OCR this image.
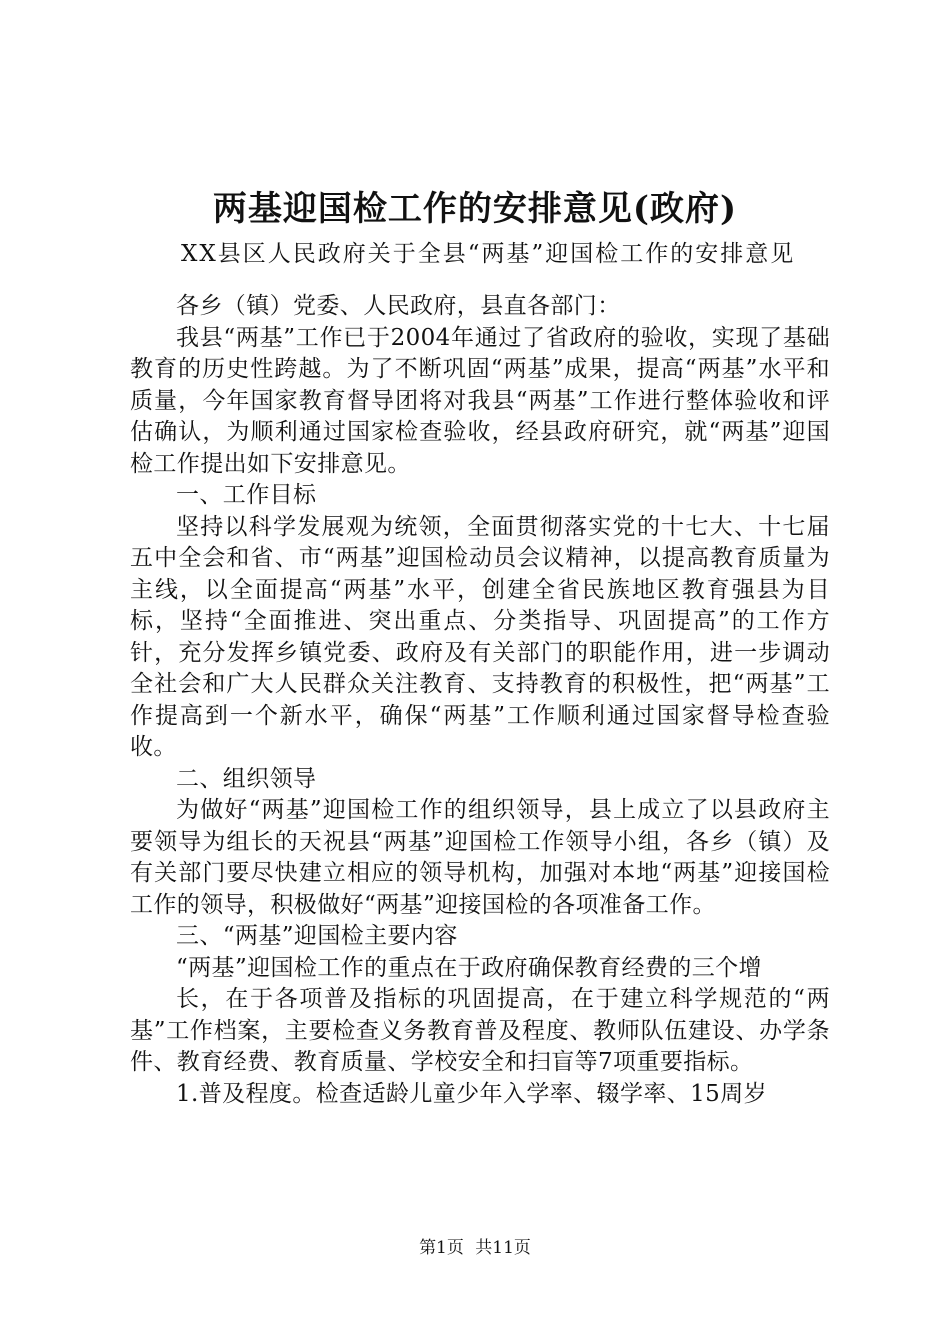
两基迎国检工作的安排意见(政府)
XX县区人民政府关于全县“两基”迎国检工作的安排意见

各乡（镇）党委、人民政府，县直各部门：

我县“两基”工作已于2004年通过了省政府的验收，实现了基础教育的历史性跨越。为了不断巩固“两基”成果，提高“两基”水平和质量，今年国家教育督导团将对我县“两基”工作进行整体验收和评估确认，为顺利通过国家检查验收，经县政府研究，就“两基”迎国检工作提出如下安排意见。

一、工作目标

坚持以科学发展观为统领，全面贯彻落实党的十七大、十七届五中全会和省、市“两基”迎国检动员会议精神，以提高教育质量为主线，以全面提高“两基”水平，创建全省民族地区教育强县为目标，坚持“全面推进、突出重点、分类指导、巩固提高”的工作方针，充分发挥乡镇党委、政府及有关部门的职能作用，进一步调动全社会和广大人民群众关注教育、支持教育的积极性，把“两基”工作提高到一个新水平，确保“两基”工作顺利通过国家督导检查验收。

二、组织领导

为做好“两基”迎国检工作的组织领导，县上成立了以县政府主要领导为组长的天祝县“两基”迎国检工作领导小组，各乡（镇）及有关部门要尽快建立相应的领导机构，加强对本地“两基”迎接国检工作的领导，积极做好“两基”迎接国检的各项准备工作。

三、“两基”迎国检主要内容

“两基”迎国检工作的重点在于政府确保教育经费的三个增

长，在于各项普及指标的巩固提高，在于建立科学规范的“两基”工作档案，主要检查义务教育普及程度、教师队伍建设、办学条件、教育经费、教育质量、学校安全和扫盲等7项重要指标。

1.普及程度。检查适龄儿童少年入学率、辍学率、15周岁

第1页 共11页
